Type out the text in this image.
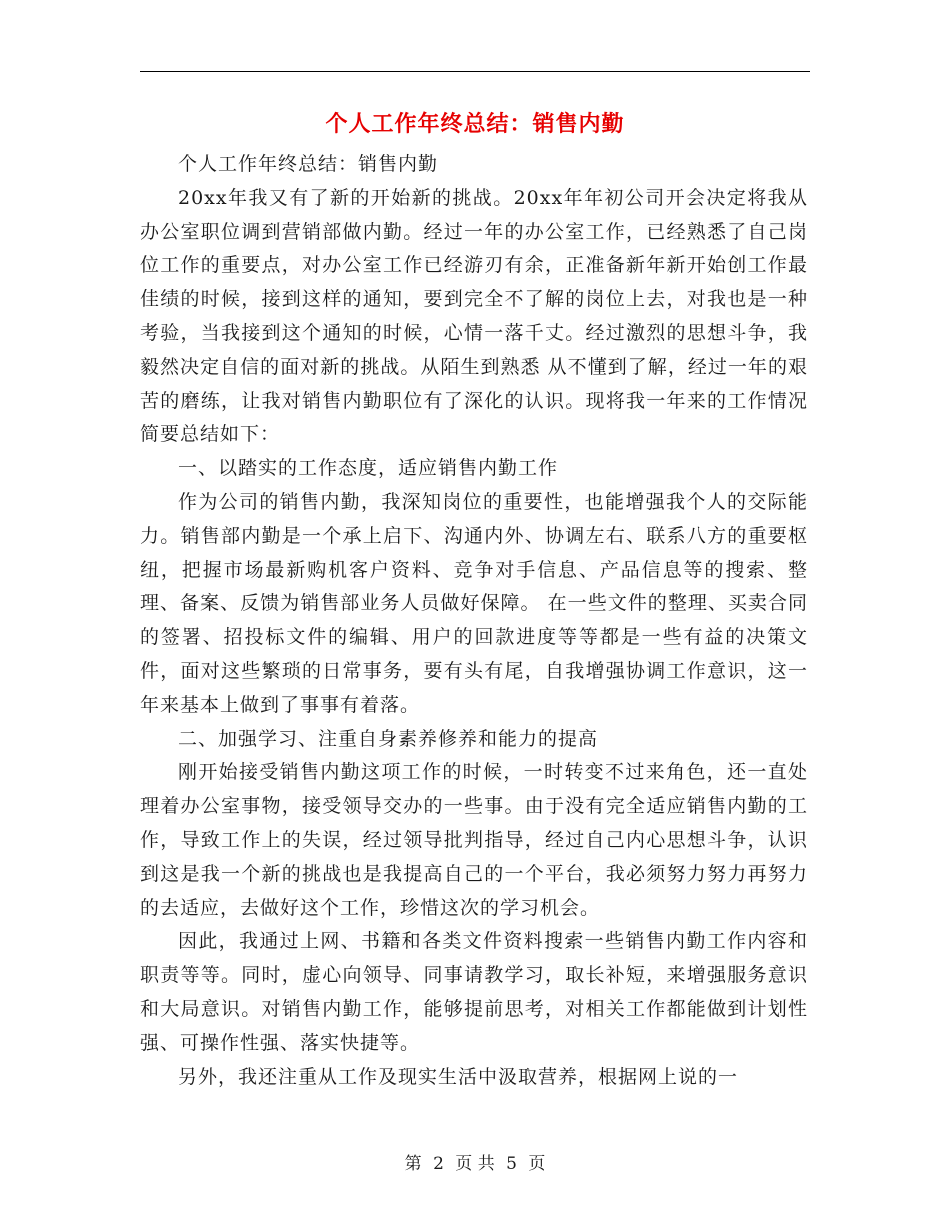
个人工作年终总结：销售内勤

个人工作年终总结：销售内勤

20xx年我又有了新的开始新的挑战。20xx年年初公司开会决定将我从办公室职位调到营销部做内勤。经过一年的办公室工作，已经熟悉了自己岗位工作的重要点，对办公室工作已经游刃有余，正准备新年新开始创工作最佳绩的时候，接到这样的通知，要到完全不了解的岗位上去，对我也是一种考验，当我接到这个通知的时候，心情一落千丈。经过激烈的思想斗争，我毅然决定自信的面对新的挑战。从陌生到熟悉 从不懂到了解，经过一年的艰苦的磨练，让我对销售内勤职位有了深化的认识。现将我一年来的工作情况简要总结如下：

一、以踏实的工作态度，适应销售内勤工作

作为公司的销售内勤，我深知岗位的重要性，也能增强我个人的交际能力。销售部内勤是一个承上启下、沟通内外、协调左右、联系八方的重要枢纽，把握市场最新购机客户资料、竞争对手信息、产品信息等的搜索、整理、备案、反馈为销售部业务人员做好保障。 在一些文件的整理、买卖合同的签署、招投标文件的编辑、用户的回款进度等等都是一些有益的决策文件，面对这些繁琐的日常事务，要有头有尾，自我增强协调工作意识，这一年来基本上做到了事事有着落。

二、加强学习、注重自身素养修养和能力的提高

刚开始接受销售内勤这项工作的时候，一时转变不过来角色，还一直处理着办公室事物，接受领导交办的一些事。由于没有完全适应销售内勤的工作，导致工作上的失误，经过领导批判指导，经过自己内心思想斗争，认识到这是我一个新的挑战也是我提高自己的一个平台，我必须努力努力再努力的去适应，去做好这个工作，珍惜这次的学习机会。

因此，我通过上网、书籍和各类文件资料搜索一些销售内勤工作内容和职责等等。同时，虚心向领导、同事请教学习，取长补短，来增强服务意识和大局意识。对销售内勤工作，能够提前思考，对相关工作都能做到计划性强、可操作性强、落实快捷等。

另外，我还注重从工作及现实生活中汲取营养，根据网上说的一

第 2 页 共 5 页
